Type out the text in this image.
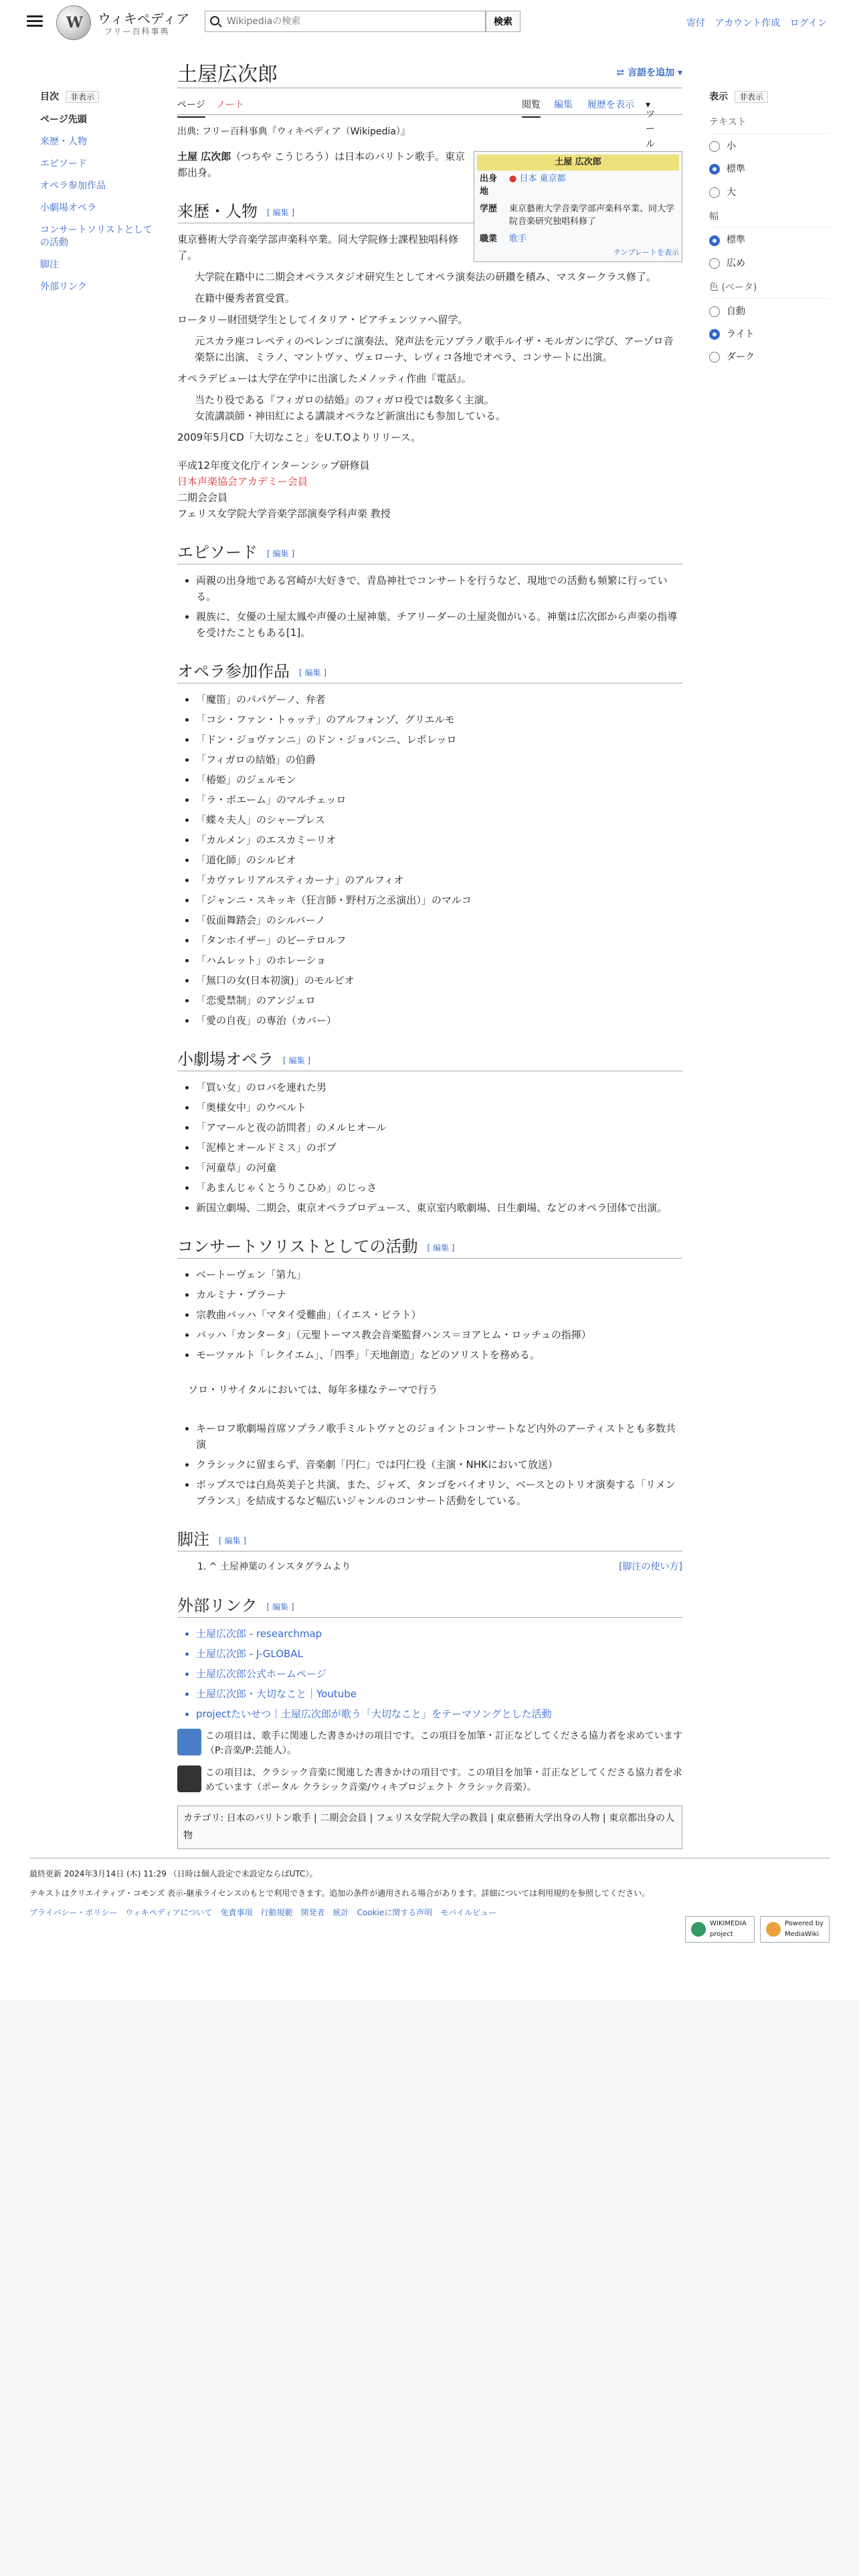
W ウィキペディア
フリー百科事典
Wikipediaの検索
検索	寄付 アカウント作成 ログイン
目次 非表示
ページ先頭
来歴・人物
エピソード
オペラ参加作品
小劇場オペラ
コンサートソリストとしての活動
脚注
外部リンク
表示 非表示
テキスト
小
標準
大
幅
標準
広め
色 (ベータ)
自動
ライト
ダーク
土屋広次郎	⇄ 言語を追加 ▾
ページ ノート	閲覧 編集 履歴を表示
ツール
▾
出典: フリー百科事典『ウィキペディア（Wikipedia）』
土屋 広次郎
出身地	● 日本 東京都
学歴	東京藝術大学音楽学部声楽科卒業、同大学院音楽研究独唱科修了
職業	歌手
テンプレートを表示

土屋 広次郎（つちや こうじろう）は日本のバリトン歌手。東京都出身。

来歴・人物 [ 編集 ]

東京藝術大学音楽学部声楽科卒業。同大学院修士課程独唱科修了。

大学院在籍中に二期会オペラスタジオ研究生としてオペラ演奏法の研鑽を積み、マスタークラス修了。

在籍中優秀者賞受賞。

ロータリー財団奨学生としてイタリア・ピアチェンツァへ留学。

元スカラ座コレペティのペレンゴに演奏法、発声法を元ソプラノ歌手ルイザ・モルガンに学び、アーゾロ音楽祭に出演、ミラノ、マントヴァ、ヴェローナ、レヴィコ各地でオペラ、コンサートに出演。

オペラデビューは大学在学中に出演したメノッティ作曲『電話』。

当たり役である『フィガロの結婚』のフィガロ役では数多く主演。

女流講談師・神田紅による講談オペラなど新演出にも参加している。

2009年5月CD「大切なこと」をU.T.Oよりリリース。

平成12年度文化庁インターンシップ研修員

日本声楽協会アカデミー会員

二期会会員

フェリス女学院大学音楽学部演奏学科声楽 教授

エピソード [ 編集 ]
• 両親の出身地である宮崎が大好きで、青島神社でコンサートを行うなど、現地での活動も頻繁に行っている。
• 親族に、女優の土屋太鳳や声優の土屋神葉、チアリーダーの土屋炎伽がいる。神葉は広次郎から声楽の指導を受けたこともある[1]。
オペラ参加作品 [ 編集 ]
• 「魔笛」のパパゲーノ、弁者
• 「コシ・ファン・トゥッテ」のアルフォンゾ、グリエルモ
• 「ドン・ジョヴァンニ」のドン・ジョバンニ、レポレッロ
• 「フィガロの結婚」の伯爵
• 「椿姫」のジェルモン
• 「ラ・ボエーム」のマルチェッロ
• 「蝶々夫人」のシャープレス
• 「カルメン」のエスカミーリオ
• 「道化師」のシルビオ
• 「カヴァレリアルスティカーナ」のアルフィオ
• 「ジャンニ・スキッキ（狂言師・野村万之丞演出）」のマルコ
• 「仮面舞踏会」のシルバーノ
• 「タンホイザー」のビーテロルフ
• 「ハムレット」のホレーショ
• 「無口の女(日本初演)」のモルビオ
• 「恋愛禁制」のアンジェロ
• 「愛の自夜」の専治（カバー）
小劇場オペラ [ 編集 ]
• 「買い女」のロバを連れた男
• 「奥様女中」のウベルト
• 「アマールと夜の訪問者」のメルヒオール
• 「泥棒とオールドミス」のボブ
• 「河童草」の河童
• 「あまんじゃくとうりこひめ」のじっさ
• 新国立劇場、二期会、東京オペラプロデュース、東京室内歌劇場、日生劇場、などのオペラ団体で出演。
コンサートソリストとしての活動 [ 編集 ]
• ベートーヴェン「第九」
• カルミナ・ブラーナ
• 宗教曲バッハ「マタイ受難曲」（イエス・ピラト）
• バッハ「カンタータ」（元聖トーマス教会音楽監督ハンス＝ヨアヒム・ロッチュの指揮）
• モーツァルト「レクイエム」、「四季」「天地創造」などのソリストを務める。

ソロ・リサイタルにおいては、毎年多様なテーマで行う

• キーロフ歌劇場首席ソプラノ歌手ミルトヴァとのジョイントコンサートなど内外のアーティストとも多数共演
• クラシックに留まらず、音楽劇「円仁」では円仁役（主演・NHKにおいて放送）
• ポップスでは白鳥英美子と共演、また、ジャズ、タンゴをバイオリン、ベースとのトリオ演奏する「リメンブランス」を結成するなど幅広いジャンルのコンサート活動をしている。
脚注 [ 編集 ]
1. ^ 土屋神葉のインスタグラムより	[脚注の使い方]
外部リンク [ 編集 ]
• 土屋広次郎 - researchmap
• 土屋広次郎 - J-GLOBAL
• 土屋広次郎公式ホームページ
• 土屋広次郎・大切なこと｜Youtube
• projectたいせつ｜土屋広次郎が歌う「大切なこと」をテーマソングとした活動
この項目は、歌手に関連した書きかけの項目です。この項目を加筆・訂正などしてくださる協力者を求めています（P:音楽/P:芸能人）。
この項目は、クラシック音楽に関連した書きかけの項目です。この項目を加筆・訂正などしてくださる協力者を求めています（ポータル クラシック音楽/ウィキプロジェクト クラシック音楽）。
カテゴリ: 日本のバリトン歌手 | 二期会会員 | フェリス女学院大学の教員 | 東京藝術大学出身の人物 | 東京都出身の人物

最終更新 2024年3月14日 (木) 11:29 （日時は個人設定で未設定ならばUTC）。

テキストはクリエイティブ・コモンズ 表示-継承ライセンスのもとで利用できます。追加の条件が適用される場合があります。詳細については利用規約を参照してください。

プライバシー・ポリシー ウィキペディアについて 免責事項 行動規範 開発者 統計 Cookieに関する声明 モバイルビュー
WIKIMEDIA project
Powered by MediaWiki
